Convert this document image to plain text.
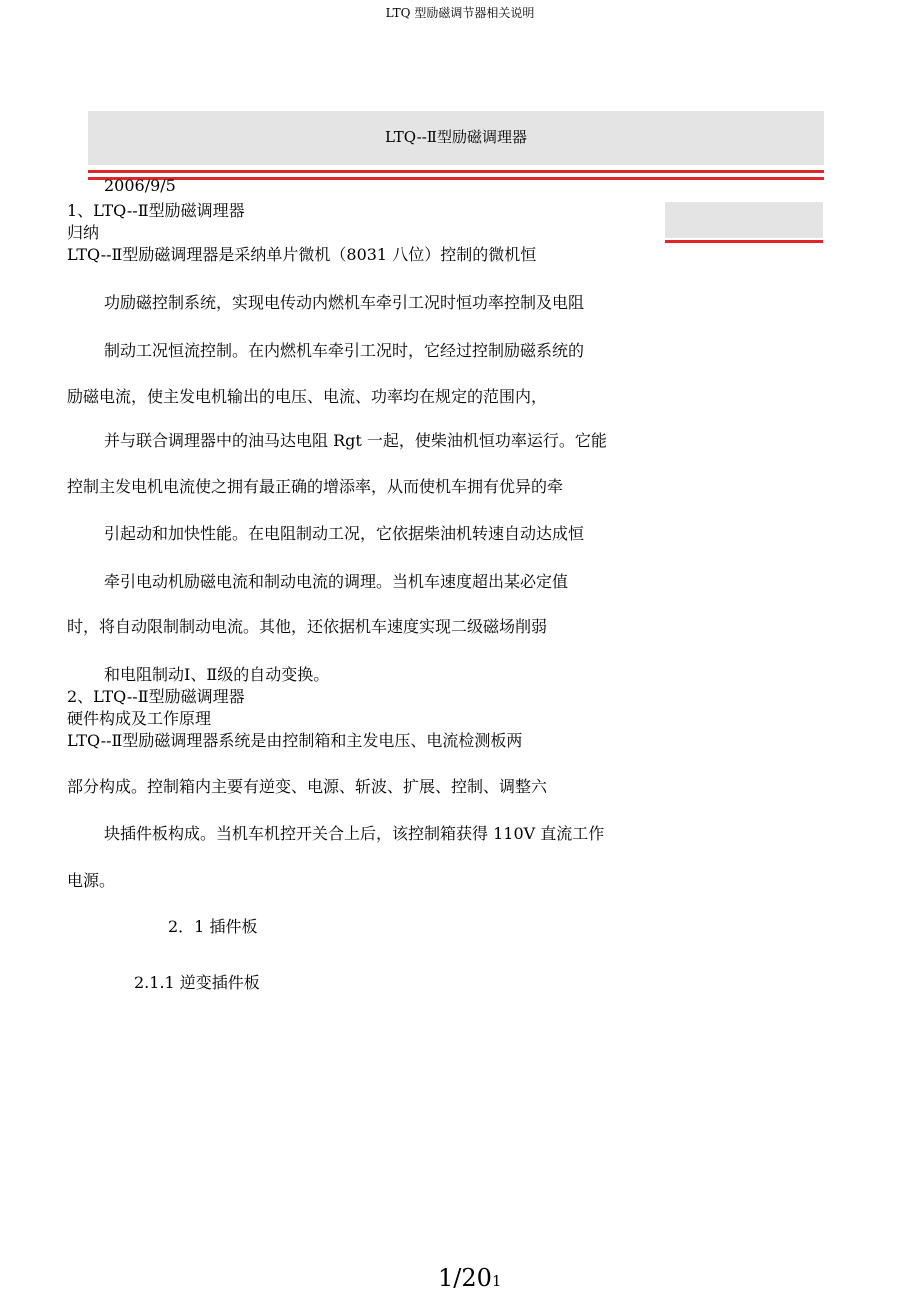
LTQ 型励磁调节器相关说明
LTQ--Ⅱ型励磁调理器
2006/9/5
1、LTQ--Ⅱ型励磁调理器
归纳
LTQ--Ⅱ型励磁调理器是采纳单片微机（8031 八位）控制的微机恒
功励磁控制系统，实现电传动内燃机车牵引工况时恒功率控制及电阻
制动工况恒流控制。在内燃机车牵引工况时，它经过控制励磁系统的
励磁电流，使主发电机输出的电压、电流、功率均在规定的范围内，
并与联合调理器中的油马达电阻 Rgt 一起，使柴油机恒功率运行。它能
控制主发电机电流使之拥有最正确的增添率，从而使机车拥有优异的牵
引起动和加快性能。在电阻制动工况，它依据柴油机转速自动达成恒
牵引电动机励磁电流和制动电流的调理。当机车速度超出某必定值
时，将自动限制制动电流。其他，还依据机车速度实现二级磁场削弱
和电阻制动Ⅰ、Ⅱ级的自动变换。
2、LTQ--Ⅱ型励磁调理器
硬件构成及工作原理
LTQ--Ⅱ型励磁调理器系统是由控制箱和主发电压、电流检测板两
部分构成。控制箱内主要有逆变、电源、斩波、扩展、控制、调整六
块插件板构成。当机车机控开关合上后，该控制箱获得 110V 直流工作
电源。
2．1 插件板
2.1.1 逆变插件板
1/201
